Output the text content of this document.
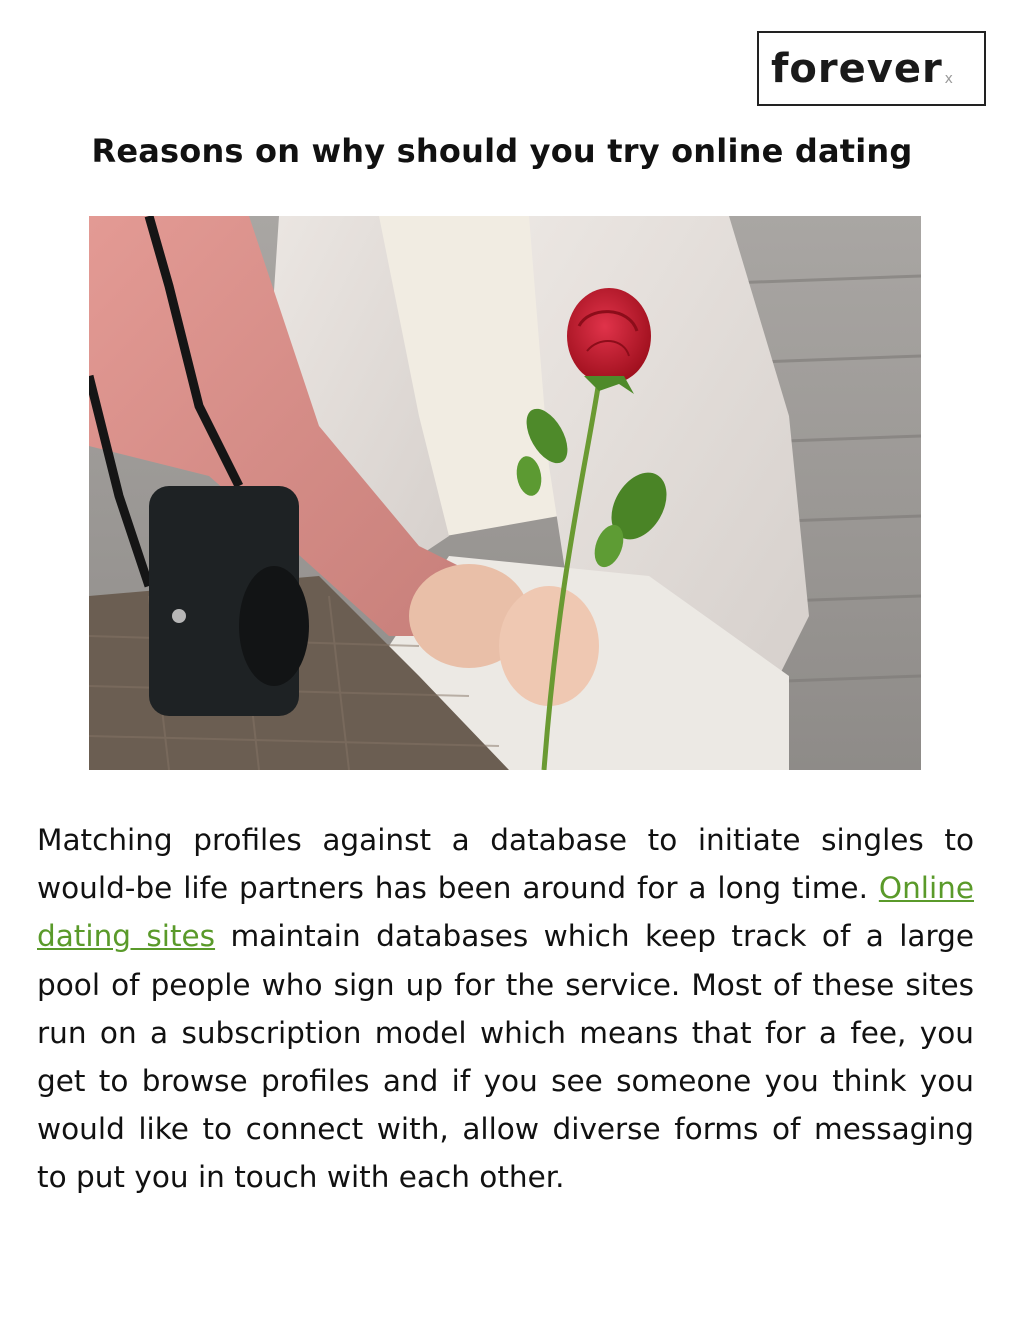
forever x
Reasons on why should you try online dating
Matching profiles against a database to initiate singles to would-be life partners has been around for a long time. Online dating sites maintain databases which keep track of a large pool of people who sign up for the service. Most of these sites run on a subscription model which means that for a fee, you get to browse profiles and if you see someone you think you would like to connect with, allow diverse forms of messaging to put you in touch with each other.
